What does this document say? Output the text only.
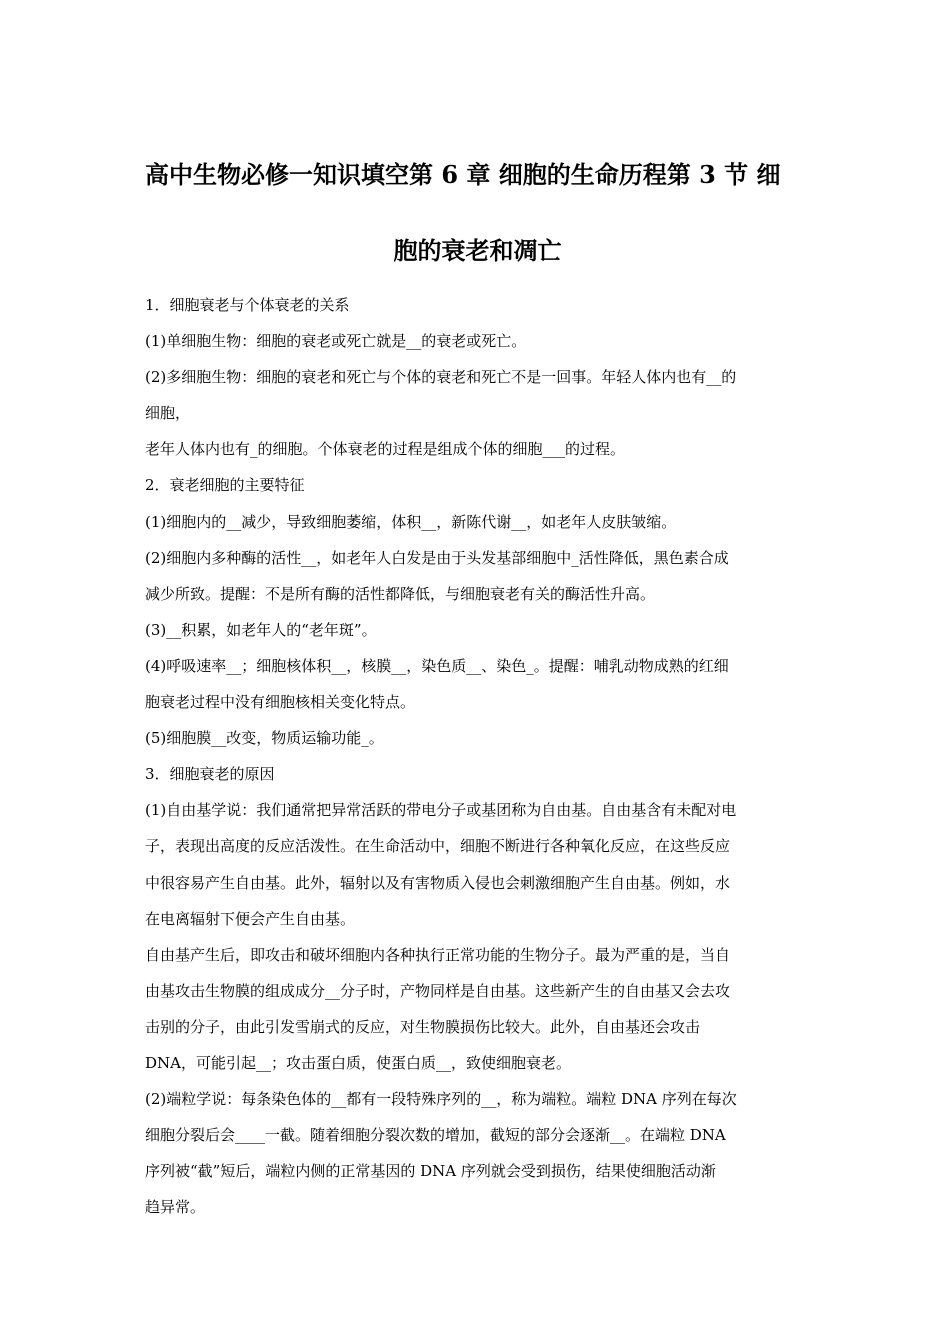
高中生物必修一知识填空第 6 章 细胞的生命历程第 3 节 细
胞的衰老和凋亡

1．细胞衰老与个体衰老的关系

(1)单细胞生物：细胞的衰老或死亡就是__的衰老或死亡。

(2)多细胞生物：细胞的衰老和死亡与个体的衰老和死亡不是一回事。年轻人体内也有__的

细胞，

老年人体内也有_的细胞。个体衰老的过程是组成个体的细胞___的过程。

2．衰老细胞的主要特征

(1)细胞内的__减少，导致细胞萎缩，体积__，新陈代谢__，如老年人皮肤皱缩。

(2)细胞内多种酶的活性__，如老年人白发是由于头发基部细胞中_活性降低，黑色素合成

减少所致。提醒：不是所有酶的活性都降低，与细胞衰老有关的酶活性升高。

(3)__积累，如老年人的“老年斑”。

(4)呼吸速率__；细胞核体积__，核膜__，染色质__、染色_。提醒：哺乳动物成熟的红细

胞衰老过程中没有细胞核相关变化特点。

(5)细胞膜__改变，物质运输功能_。

3．细胞衰老的原因

(1)自由基学说：我们通常把异常活跃的带电分子或基团称为自由基。自由基含有未配对电

子，表现出高度的反应活泼性。在生命活动中，细胞不断进行各种氧化反应，在这些反应

中很容易产生自由基。此外，辐射以及有害物质入侵也会刺激细胞产生自由基。例如，水

在电离辐射下便会产生自由基。

自由基产生后，即攻击和破坏细胞内各种执行正常功能的生物分子。最为严重的是，当自

由基攻击生物膜的组成成分__分子时，产物同样是自由基。这些新产生的自由基又会去攻

击别的分子，由此引发雪崩式的反应，对生物膜损伤比较大。此外，自由基还会攻击

DNA，可能引起__；攻击蛋白质，使蛋白质__，致使细胞衰老。

(2)端粒学说：每条染色体的__都有一段特殊序列的__，称为端粒。端粒 DNA 序列在每次

细胞分裂后会____一截。随着细胞分裂次数的增加，截短的部分会逐渐__。在端粒 DNA

序列被“截”短后，端粒内侧的正常基因的 DNA 序列就会受到损伤，结果使细胞活动渐

趋异常。
